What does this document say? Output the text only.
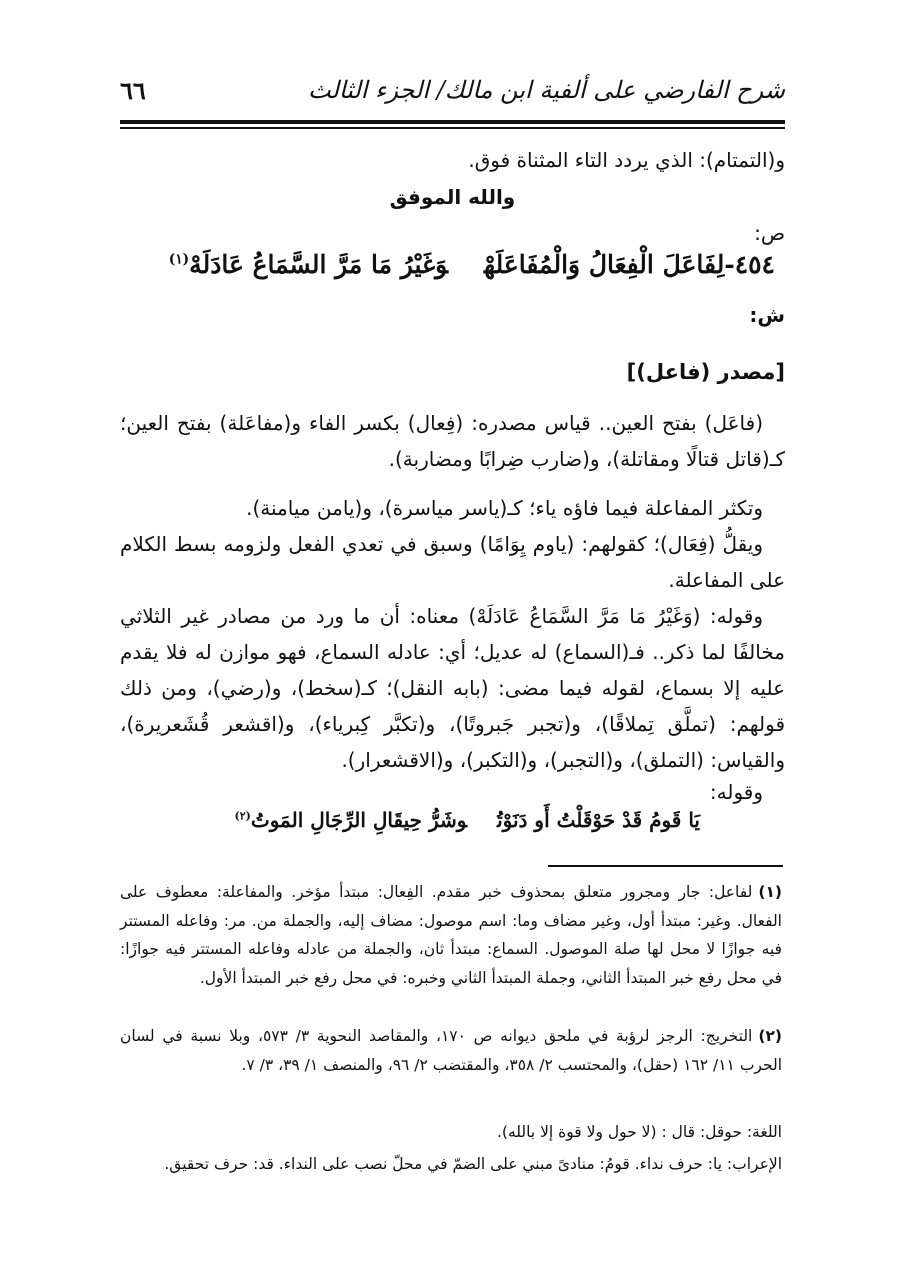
شرح الفارضي على ألفية ابن مالك/ الجزء الثالث
٦٦
و(التمتام): الذي يردد التاء المثناة فوق.
والله الموفق
ص:
٤٥٤-لِفَاعَلَ الْفِعَالُ وَالْمُفَاعَلَهْوَغَيْرُ مَا مَرَّ السَّمَاعُ عَادَلَهْ$^{(١)}$
ش:
[مصدر (فاعل)]
(فاعَل) بفتح العين.. قياس مصدره: (فِعال) بكسر الفاء و(مفاعَلة) بفتح العين؛ كـ(قاتل قتالًا ومقاتلة)، و(ضارب ضِرابًا ومضاربة).
وتكثر المفاعلة فيما فاؤه ياء؛ كـ(ياسر مياسرة)، و(يامن ميامنة).
ويقلُّ (فِعَال)؛ كقولهم: (ياوم يِوَامًا) وسبق في تعدي الفعل ولزومه بسط الكلام على المفاعلة.
وقوله: (وَغَيْرُ مَا مَرَّ السَّمَاعُ عَادَلَهْ) معناه: أن ما ورد من مصادر غير الثلاثي مخالفًا لما ذكر.. فـ(السماع) له عديل؛ أي: عادله السماع، فهو موازن له فلا يقدم عليه إلا بسماع، لقوله فيما مضى: (بابه النقل)؛ كـ(سخط)، و(رضي)، ومن ذلك قولهم: (تملَّق تِملاقًا)، و(تجبر جَبروتًا)، و(تكبَّر كِبرياء)، و(اقشعر قُشَعريرة)، والقياس: (التملق)، و(التجبر)، و(التكبر)، و(الاقشعرار).
وقوله:
يَا قَومُ قَدْ حَوْقَلْتُ أَو دَنَوْتُوشَرُّ حِيقَالِ الرِّجَالِ المَوتُ$^{(٢)}$
(١)لفاعل: جار ومجرور متعلق بمحذوف خبر مقدم. الفِعال: مبتدأ مؤخر. والمفاعلة: معطوف على الفعال. وغير: مبتدأ أول، وغير مضاف وما: اسم موصول: مضاف إليه، والجملة من. مر: وفاعله المستتر فيه جوازًا لا محل لها صلة الموصول. السماع: مبتدأ ثان، والجملة من عادله وفاعله المستتر فيه جوازًا: في محل رفع خبر المبتدأ الثاني، وجملة المبتدأ الثاني وخبره: في محل رفع خبر المبتدأ الأول.
(٢)التخريج: الرجز لرؤبة في ملحق ديوانه ص ١٧٠، والمقاصد النحوية ٣/ ٥٧٣، وبلا نسبة في لسان الحرب ١١/ ١٦٢ (حقل)، والمحتسب ٢/ ٣٥٨، والمقتضب ٢/ ٩٦، والمنصف ١/ ٣٩، ٣/ ٧.
اللغة: حوقل: قال : (لا حول ولا قوة إلا بالله).
الإعراب: يا: حرف نداء. قومُ: منادىً مبني على الضمّ في محلّ نصب على النداء. قد: حرف تحقيق.
